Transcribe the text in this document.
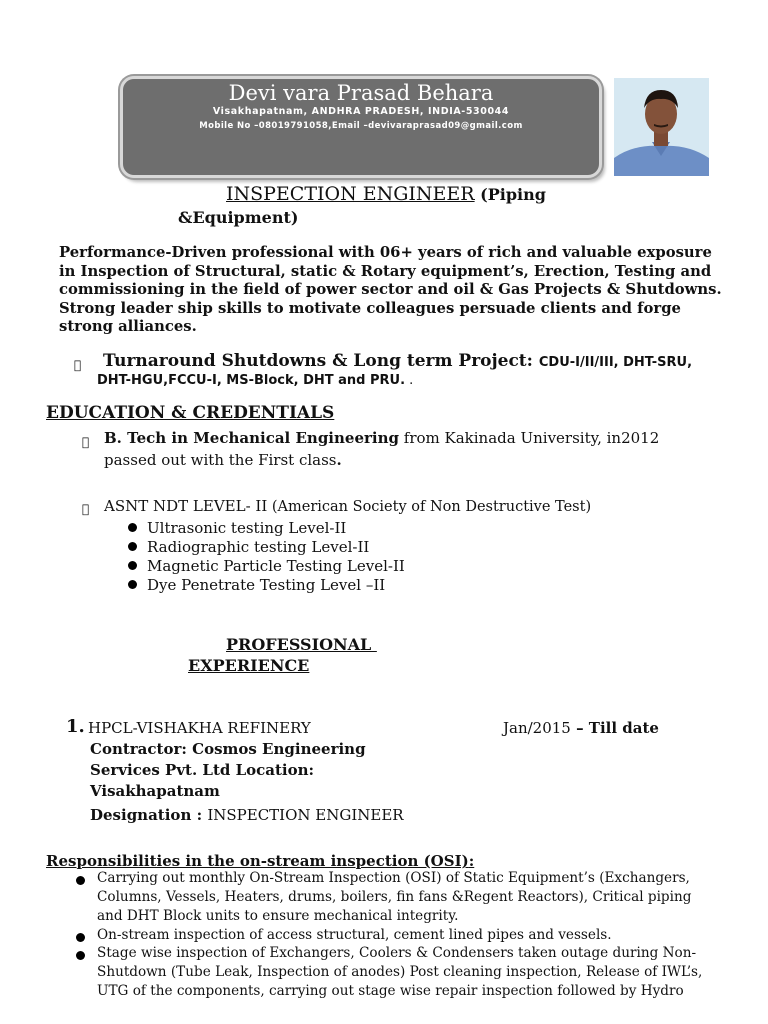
Devi vara Prasad Behara
Visakhapatnam, ANDHRA PRADESH, INDIA-530044
Mobile No –08019791058,Email –devivaraprasad09@gmail.com
INSPECTION ENGINEER (Piping
&Equipment)
Performance-Driven professional with 06+ years of rich and valuable exposure in Inspection of Structural, static & Rotary equipment’s, Erection, Testing and commissioning in the field of power sector and oil & Gas Projects & Shutdowns. Strong leader ship skills to motivate colleagues persuade clients and forge strong alliances.
Turnaround Shutdowns & Long term Project: CDU-I/II/III, DHT-SRU,
DHT-HGU,FCCU-I, MS-Block, DHT and PRU. .
EDUCATION & CREDENTIALS
B. Tech in Mechanical Engineering from Kakinada University, in2012
passed out with the First class.
ASNT NDT LEVEL- II (American Society of Non Destructive Test)
Ultrasonic testing Level-II
Radiographic testing Level-II
Magnetic Particle Testing Level-II
Dye Penetrate Testing Level –II
PROFESSIONAL
EXPERIENCE
1. HPCL-VISHAKHA REFINERY	Jan/2015 – Till date
Contractor: Cosmos Engineering
Services Pvt. Ltd Location:
Visakhapatnam
Designation : INSPECTION ENGINEER
Responsibilities in the on-stream inspection (OSI):
Carrying out monthly On-Stream Inspection (OSI) of Static Equipment’s (Exchangers,
Columns, Vessels, Heaters, drums, boilers, fin fans &Regent Reactors), Critical piping
and DHT Block units to ensure mechanical integrity.
On-stream inspection of access structural, cement lined pipes and vessels.
Stage wise inspection of Exchangers, Coolers & Condensers taken outage during Non-
Shutdown (Tube Leak, Inspection of anodes) Post cleaning inspection, Release of IWL’s,
UTG of the components, carrying out stage wise repair inspection followed by Hydro
